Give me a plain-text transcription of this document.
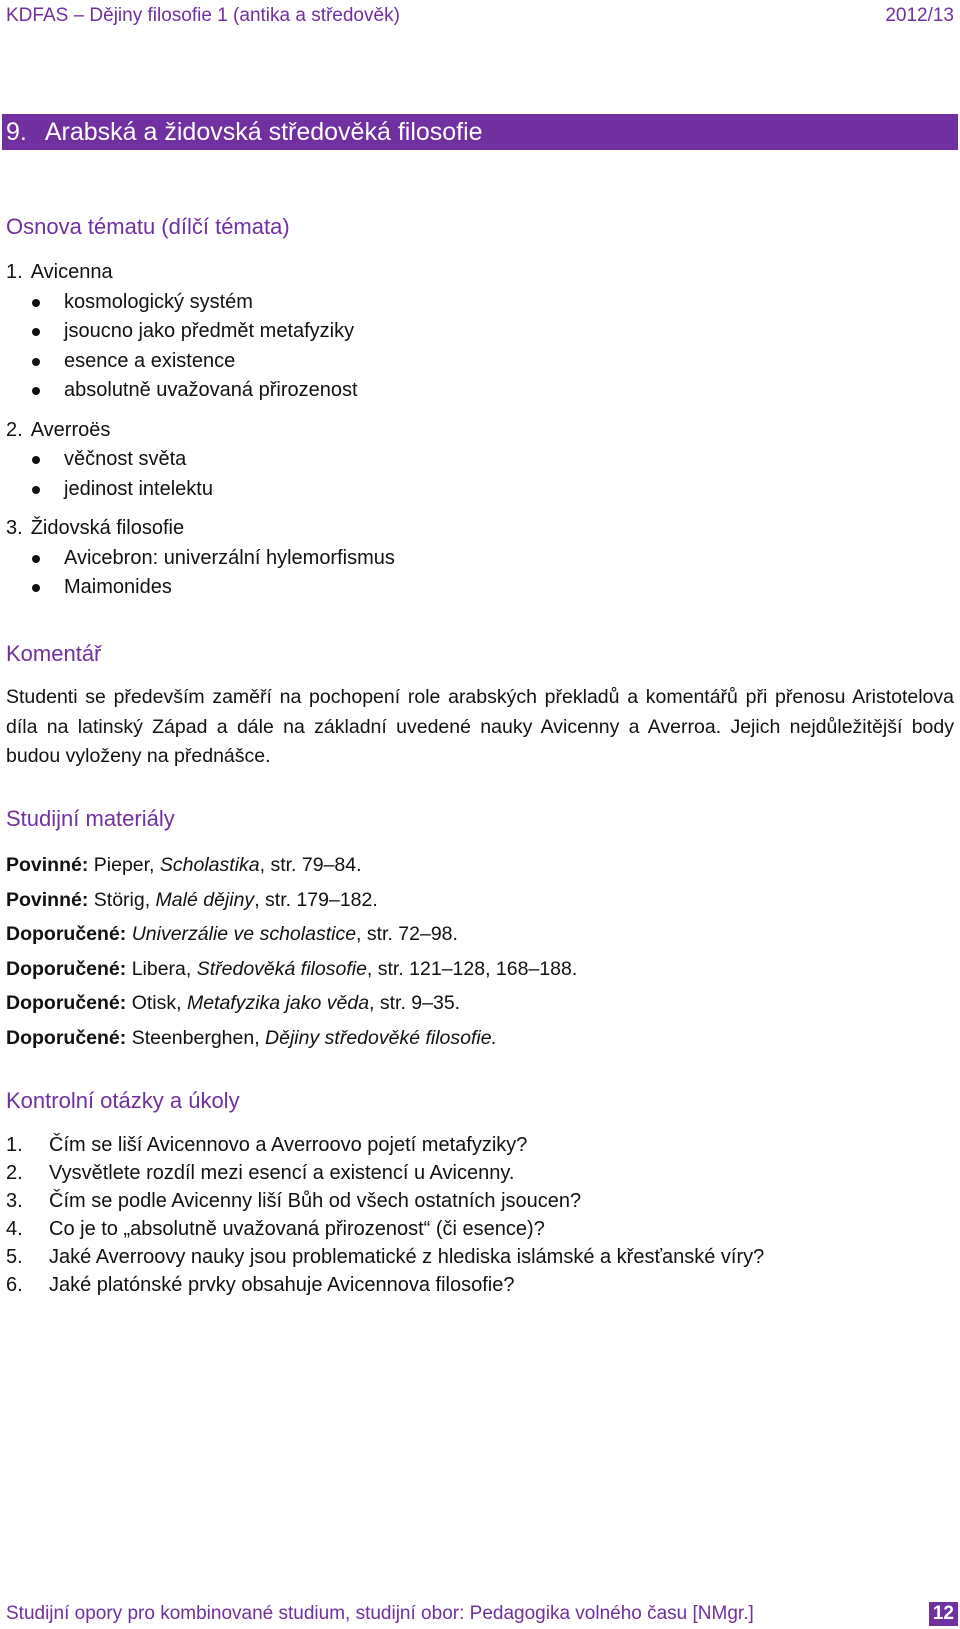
KDFAS – Dějiny filosofie 1 (antika a středověk)	2012/13
9. Arabská a židovská středověká filosofie
Osnova tématu (dílčí témata)
1. Avicenna
kosmologický systém
jsoucno jako předmět metafyziky
esence a existence
absolutně uvažovaná přirozenost
2. Averroës
věčnost světa
jedinost intelektu
3. Židovská filosofie
Avicebron: univerzální hylemorfismus
Maimonides
Komentář

Studenti se především zaměří na pochopení role arabských překladů a komentářů při přenosu Aristotelova díla na latinský Západ a dále na základní uvedené nauky Avicenny a Averroa. Jejich nejdůležitější body budou vyloženy na přednášce.

Studijní materiály
Povinné: Pieper, Scholastika, str. 79–84.
Povinné: Störig, Malé dějiny, str. 179–182.
Doporučené: Univerzálie ve scholastice, str. 72–98.
Doporučené: Libera, Středověká filosofie, str. 121–128, 168–188.
Doporučené: Otisk, Metafyzika jako věda, str. 9–35.
Doporučené: Steenberghen, Dějiny středověké filosofie.
Kontrolní otázky a úkoly
1.	Čím se liší Avicennovo a Averroovo pojetí metafyziky?
2.	Vysvětlete rozdíl mezi esencí a existencí u Avicenny.
3.	Čím se podle Avicenny liší Bůh od všech ostatních jsoucen?
4.	Co je to „absolutně uvažovaná přirozenost“ (či esence)?
5.	Jaké Averroovy nauky jsou problematické z hlediska islámské a křesťanské víry?
6.	Jaké platónské prvky obsahuje Avicennova filosofie?
Studijní opory pro kombinované studium, studijní obor: Pedagogika volného času [NMgr.]	12
